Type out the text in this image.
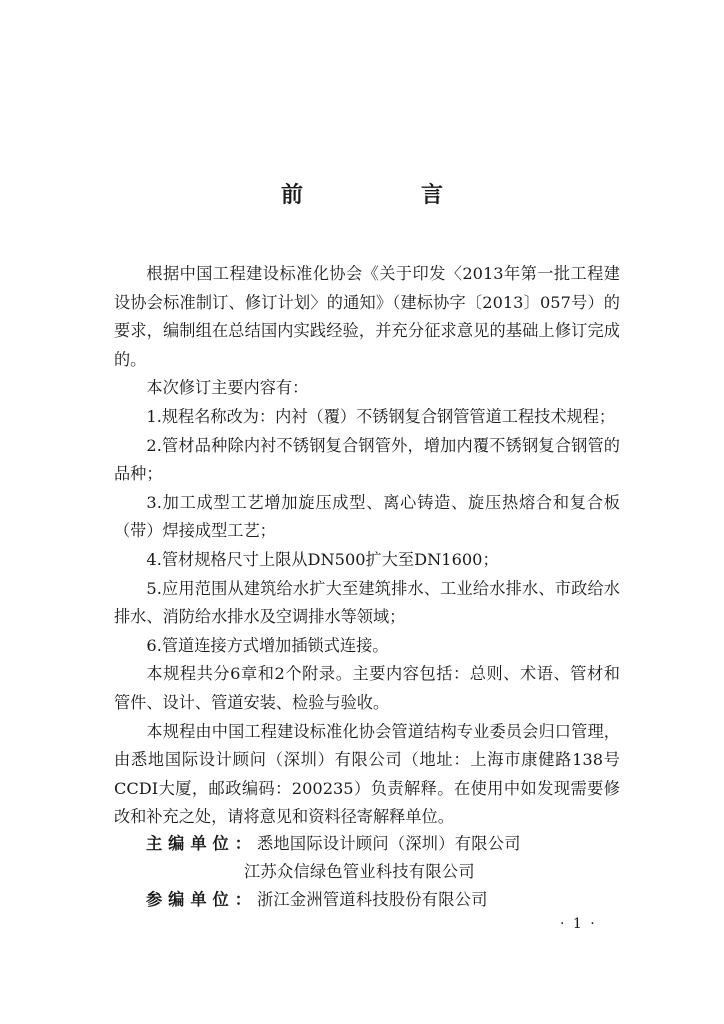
前　言

根据中国工程建设标准化协会《关于印发〈2013年第一批工程建设协会标准制订、修订计划〉的通知》（建标协字〔2013〕057号）的要求，编制组在总结国内实践经验，并充分征求意见的基础上修订完成的。

本次修订主要内容有：

1.规程名称改为：内衬（覆）不锈钢复合钢管管道工程技术规程；

2.管材品种除内衬不锈钢复合钢管外，增加内覆不锈钢复合钢管的品种；

3.加工成型工艺增加旋压成型、离心铸造、旋压热熔合和复合板（带）焊接成型工艺；

4.管材规格尺寸上限从DN500扩大至DN1600；

5.应用范围从建筑给水扩大至建筑排水、工业给水排水、市政给水排水、消防给水排水及空调排水等领域；

6.管道连接方式增加插锁式连接。

本规程共分6章和2个附录。主要内容包括：总则、术语、管材和管件、设计、管道安装、检验与验收。

本规程由中国工程建设标准化协会管道结构专业委员会归口管理，由悉地国际设计顾问（深圳）有限公司（地址：上海市康健路138号CCDI大厦，邮政编码：200235）负责解释。在使用中如发现需要修改和补充之处，请将意见和资料径寄解释单位。

主编单位：悉地国际设计顾问（深圳）有限公司
江苏众信绿色管业科技有限公司
参编单位：浙江金洲管道科技股份有限公司
· 1 ·
